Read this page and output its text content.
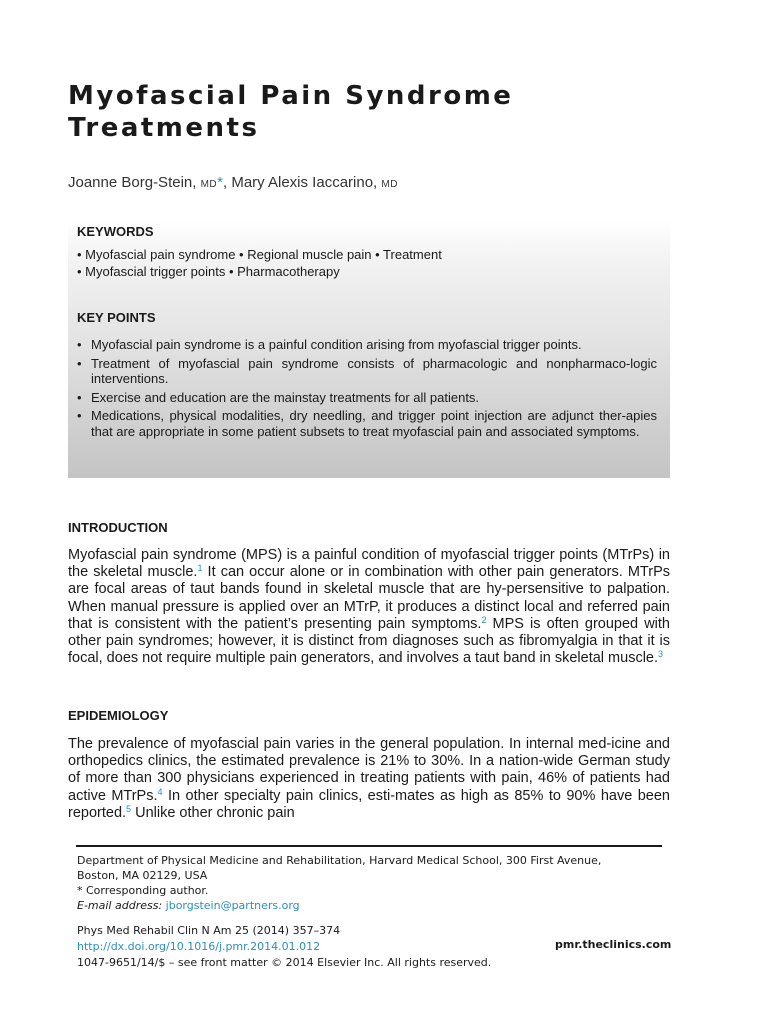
Myofascial Pain Syndrome
Treatments
Joanne Borg-Stein, MD*, Mary Alexis Iaccarino, MD
KEYWORDS
• Myofascial pain syndrome • Regional muscle pain • Treatment
• Myofascial trigger points • Pharmacotherapy
KEY POINTS
• Myofascial pain syndrome is a painful condition arising from myofascial trigger points.
• Treatment of myofascial pain syndrome consists of pharmacologic and nonpharmaco-logic interventions.
• Exercise and education are the mainstay treatments for all patients.
• Medications, physical modalities, dry needling, and trigger point injection are adjunct ther-apies that are appropriate in some patient subsets to treat myofascial pain and associated symptoms.
INTRODUCTION

Myofascial pain syndrome (MPS) is a painful condition of myofascial trigger points (MTrPs) in the skeletal muscle.$^1$ It can occur alone or in combination with other pain generators. MTrPs are focal areas of taut bands found in skeletal muscle that are hy-persensitive to palpation. When manual pressure is applied over an MTrP, it produces a distinct local and referred pain that is consistent with the patient’s presenting pain symptoms.$^2$ MPS is often grouped with other pain syndromes; however, it is distinct from diagnoses such as fibromyalgia in that it is focal, does not require multiple pain generators, and involves a taut band in skeletal muscle.$^3$

EPIDEMIOLOGY

The prevalence of myofascial pain varies in the general population. In internal med-icine and orthopedics clinics, the estimated prevalence is 21% to 30%. In a nation-wide German study of more than 300 physicians experienced in treating patients with pain, 46% of patients had active MTrPs.$^4$ In other specialty pain clinics, esti-mates as high as 85% to 90% have been reported.$^5$ Unlike other chronic pain

Department of Physical Medicine and Rehabilitation, Harvard Medical School, 300 First Avenue,
Boston, MA 02129, USA
* Corresponding author.
E-mail address: jborgstein@partners.org
Phys Med Rehabil Clin N Am 25 (2014) 357–374
http://dx.doi.org/10.1016/j.pmr.2014.01.012	pmr.theclinics.com
1047-9651/14/$ – see front matter © 2014 Elsevier Inc. All rights reserved.
